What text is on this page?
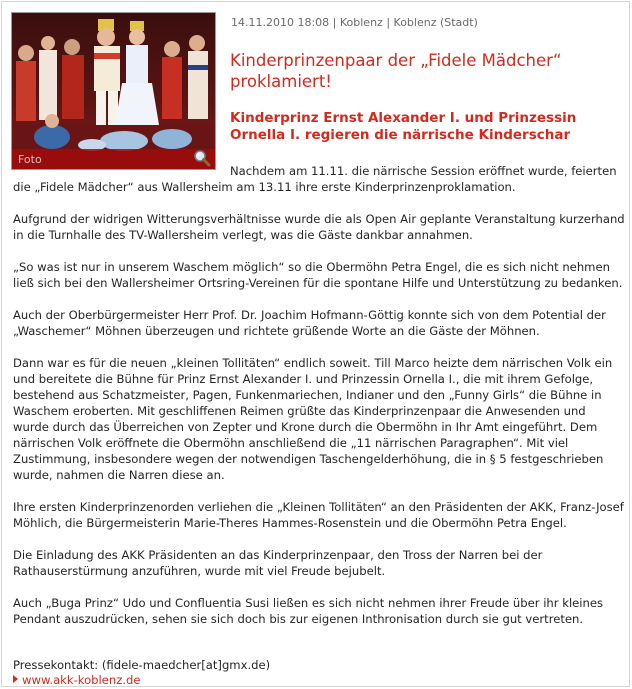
Foto
14.11.2010 18:08 | Koblenz | Koblenz (Stadt)
Kinderprinzenpaar der „Fidele Mädcher“ proklamiert!
Kinderprinz Ernst Alexander I. und Prinzessin Ornella I. regieren die närrische Kinderschar

Nachdem am 11.11. die närrische Session eröffnet wurde, feierten die „Fidele Mädcher“ aus Wallersheim am 13.11 ihre erste Kinderprinzenproklamation.

Aufgrund der widrigen Witterungsverhältnisse wurde die als Open Air geplante Veranstaltung kurzerhand in die Turnhalle des TV-Wallersheim verlegt, was die Gäste dankbar annahmen.

„So was ist nur in unserem Waschem möglich“ so die Obermöhn Petra Engel, die es sich nicht nehmen ließ sich bei den Wallersheimer Ortsring-Vereinen für die spontane Hilfe und Unterstützung zu bedanken.

Auch der Oberbürgermeister Herr Prof. Dr. Joachim Hofmann-Göttig konnte sich von dem Potential der „Waschemer“ Möhnen überzeugen und richtete grüßende Worte an die Gäste der Möhnen.

Dann war es für die neuen „kleinen Tollitäten“ endlich soweit. Till Marco heizte dem närrischen Volk ein und bereitete die Bühne für Prinz Ernst Alexander I. und Prinzessin Ornella I., die mit ihrem Gefolge, bestehend aus Schatzmeister, Pagen, Funkenmariechen, Indianer und den „Funny Girls“ die Bühne in Waschem eroberten. Mit geschliffenen Reimen grüßte das Kinderprinzenpaar die Anwesenden und wurde durch das Überreichen von Zepter und Krone durch die Obermöhn in Ihr Amt eingeführt. Dem närrischen Volk eröffnete die Obermöhn anschließend die „11 närrischen Paragraphen“. Mit viel Zustimmung, insbesondere wegen der notwendigen Taschengelderhöhung, die in § 5 festgeschrieben wurde, nahmen die Narren diese an.

Ihre ersten Kinderprinzenorden verliehen die „Kleinen Tollitäten“ an den Präsidenten der AKK, Franz-Josef Möhlich, die Bürgermeisterin Marie-Theres Hammes-Rosenstein und die Obermöhn Petra Engel.

Die Einladung des AKK Präsidenten an das Kinderprinzenpaar, den Tross der Narren bei der Rathauserstürmung anzuführen, wurde mit viel Freude bejubelt.

Auch „Buga Prinz“ Udo und Confluentia Susi ließen es sich nicht nehmen ihrer Freude über ihr kleines Pendant auszudrücken, sehen sie sich doch bis zur eigenen Inthronisation durch sie gut vertreten.

Pressekontakt: (fidele-maedcher[at]gmx.de)
www.akk-koblenz.de
